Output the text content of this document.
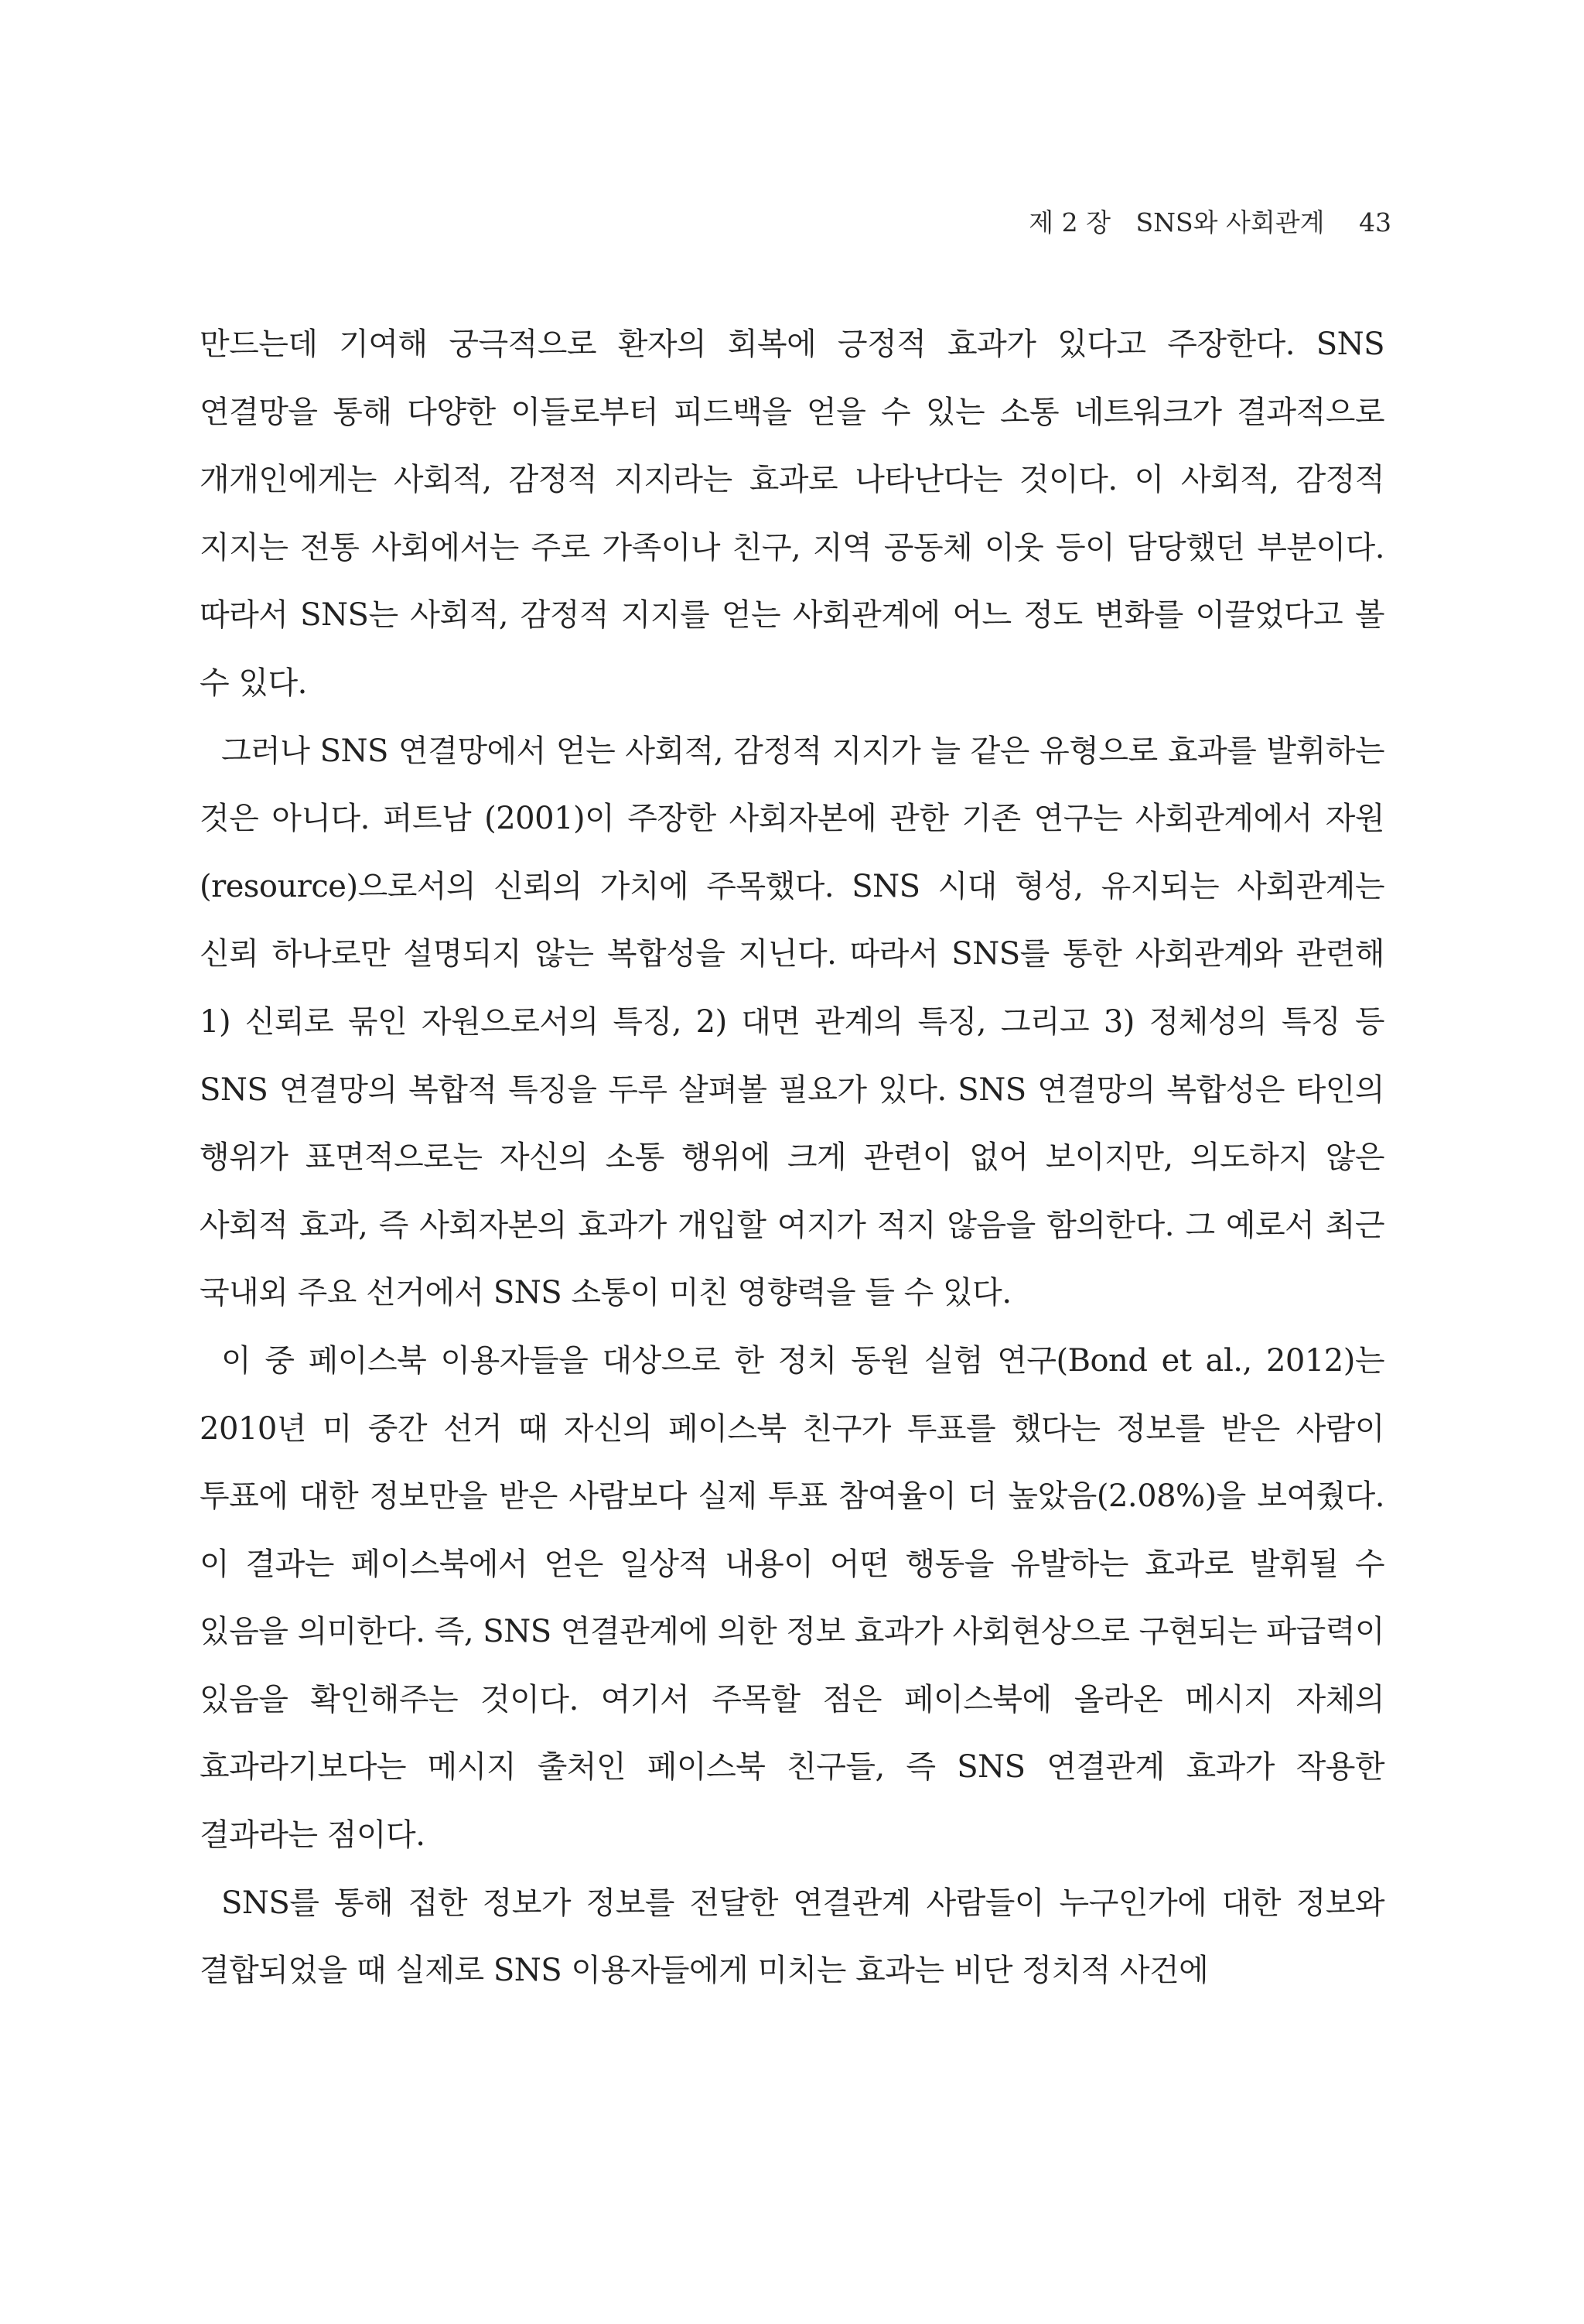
제 2 장 SNS와 사회관계 43

만드는데 기여해 궁극적으로 환자의 회복에 긍정적 효과가 있다고 주장한다. SNS 연결망을 통해 다양한 이들로부터 피드백을 얻을 수 있는 소통 네트워크가 결과적으로 개개인에게는 사회적, 감정적 지지라는 효과로 나타난다는 것이다. 이 사회적, 감정적 지지는 전통 사회에서는 주로 가족이나 친구, 지역 공동체 이웃 등이 담당했던 부분이다. 따라서 SNS는 사회적, 감정적 지지를 얻는 사회관계에 어느 정도 변화를 이끌었다고 볼 수 있다.

그러나 SNS 연결망에서 얻는 사회적, 감정적 지지가 늘 같은 유형으로 효과를 발휘하는 것은 아니다. 퍼트남 (2001)이 주장한 사회자본에 관한 기존 연구는 사회관계에서 자원(resource)으로서의 신뢰의 가치에 주목했다. SNS 시대 형성, 유지되는 사회관계는 신뢰 하나로만 설명되지 않는 복합성을 지닌다. 따라서 SNS를 통한 사회관계와 관련해 1) 신뢰로 묶인 자원으로서의 특징, 2) 대면 관계의 특징, 그리고 3) 정체성의 특징 등 SNS 연결망의 복합적 특징을 두루 살펴볼 필요가 있다. SNS 연결망의 복합성은 타인의 행위가 표면적으로는 자신의 소통 행위에 크게 관련이 없어 보이지만, 의도하지 않은 사회적 효과, 즉 사회자본의 효과가 개입할 여지가 적지 않음을 함의한다. 그 예로서 최근 국내외 주요 선거에서 SNS 소통이 미친 영향력을 들 수 있다.

이 중 페이스북 이용자들을 대상으로 한 정치 동원 실험 연구(Bond et al., 2012)는 2010년 미 중간 선거 때 자신의 페이스북 친구가 투표를 했다는 정보를 받은 사람이 투표에 대한 정보만을 받은 사람보다 실제 투표 참여율이 더 높았음(2.08%)을 보여줬다. 이 결과는 페이스북에서 얻은 일상적 내용이 어떤 행동을 유발하는 효과로 발휘될 수 있음을 의미한다. 즉, SNS 연결관계에 의한 정보 효과가 사회현상으로 구현되는 파급력이 있음을 확인해주는 것이다. 여기서 주목할 점은 페이스북에 올라온 메시지 자체의 효과라기보다는 메시지 출처인 페이스북 친구들, 즉 SNS 연결관계 효과가 작용한 결과라는 점이다.

SNS를 통해 접한 정보가 정보를 전달한 연결관계 사람들이 누구인가에 대한 정보와 결합되었을 때 실제로 SNS 이용자들에게 미치는 효과는 비단 정치적 사건에
